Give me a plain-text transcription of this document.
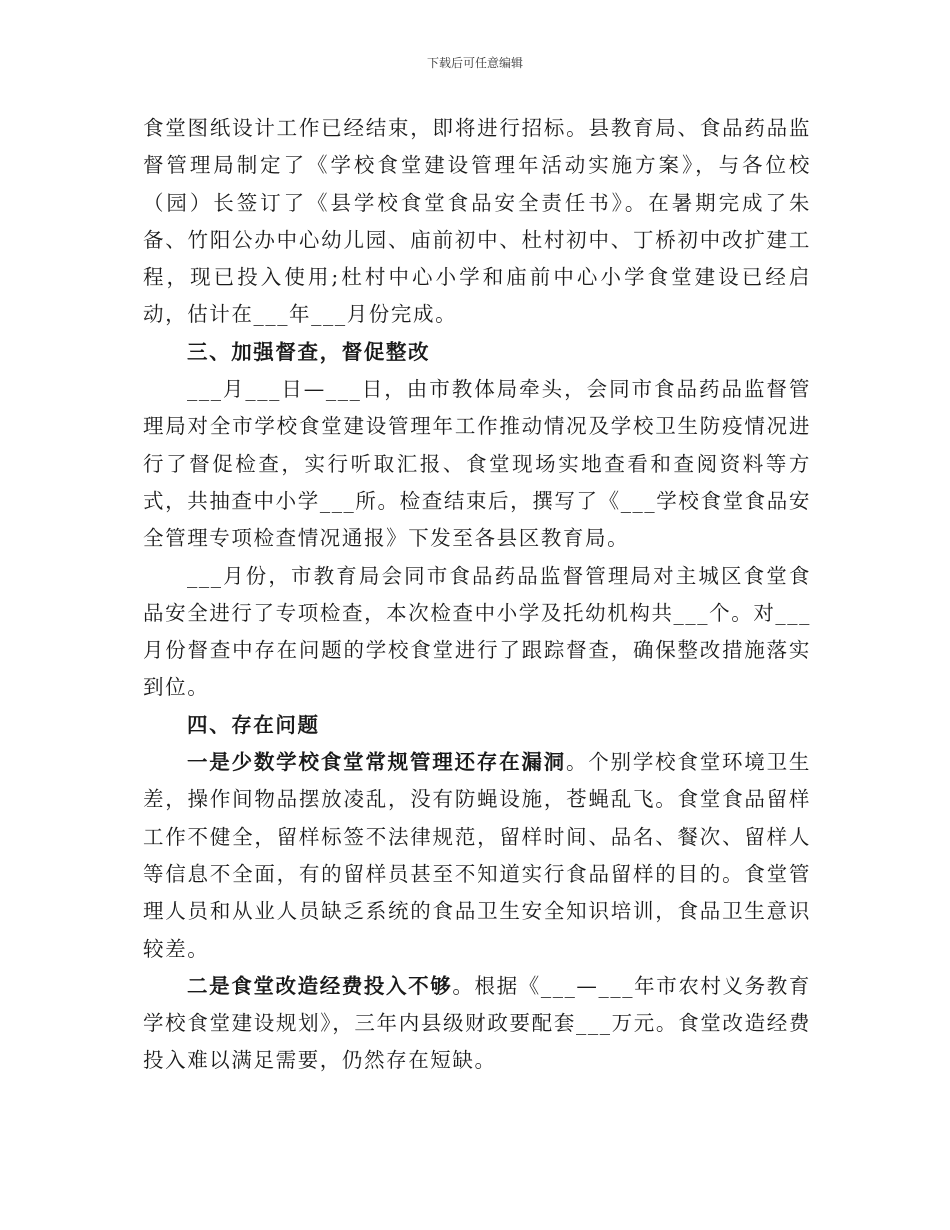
下载后可任意编辑

食堂图纸设计工作已经结束，即将进行招标。县教育局、食品药品监督管理局制定了《学校食堂建设管理年活动实施方案》，与各位校（园）长签订了《县学校食堂食品安全责任书》。在暑期完成了朱备、竹阳公办中心幼儿园、庙前初中、杜村初中、丁桥初中改扩建工程，现已投入使用;杜村中心小学和庙前中心小学食堂建设已经启动，估计在___年___月份完成。

三、加强督查，督促整改

___月___日—___日，由市教体局牵头，会同市食品药品监督管理局对全市学校食堂建设管理年工作推动情况及学校卫生防疫情况进行了督促检查，实行听取汇报、食堂现场实地查看和查阅资料等方式，共抽查中小学___所。检查结束后，撰写了《___学校食堂食品安全管理专项检查情况通报》下发至各县区教育局。

___月份，市教育局会同市食品药品监督管理局对主城区食堂食品安全进行了专项检查，本次检查中小学及托幼机构共___个。对___月份督查中存在问题的学校食堂进行了跟踪督查，确保整改措施落实到位。

四、存在问题

一是少数学校食堂常规管理还存在漏洞。个别学校食堂环境卫生差，操作间物品摆放凌乱，没有防蝇设施，苍蝇乱飞。食堂食品留样工作不健全，留样标签不法律规范，留样时间、品名、餐次、留样人等信息不全面，有的留样员甚至不知道实行食品留样的目的。食堂管理人员和从业人员缺乏系统的食品卫生安全知识培训，食品卫生意识较差。

二是食堂改造经费投入不够。根据《___—___年市农村义务教育学校食堂建设规划》，三年内县级财政要配套___万元。食堂改造经费投入难以满足需要，仍然存在短缺。
